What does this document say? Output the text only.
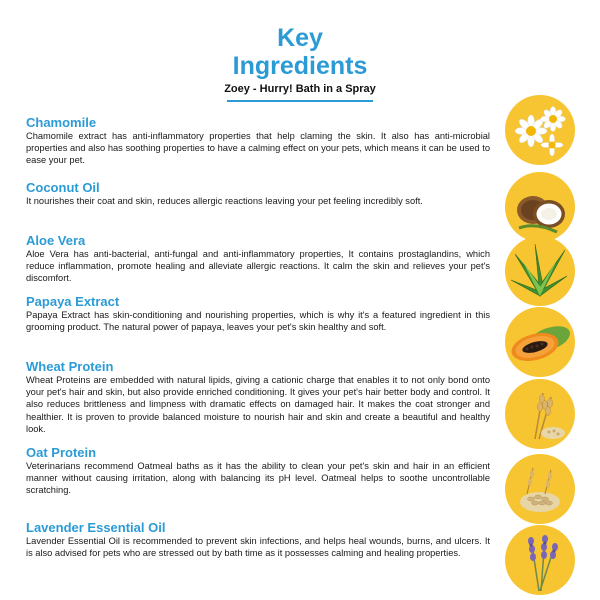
Key
Ingredients
Zoey - Hurry! Bath in a Spray
Chamomile
Chamomile extract has anti-inflammatory properties that help claming the skin. It also has anti-microbial properties and also has soothing properties to have a calming effect on your pets, which means it can be used to ease your pet.
Coconut Oil
It nourishes their coat and skin, reduces allergic reactions leaving your pet feeling incredibly soft.
Aloe Vera
Aloe Vera has anti-bacterial, anti-fungal and anti-inflammatory properties, It contains prostaglandins, which reduce inflammation, promote healing and alleviate allergic reactions. It calm the skin and relieves your pet's discomfort.
Papaya Extract
Papaya Extract has skin-conditioning and nourishing properties, which is why it's a featured ingredient in this grooming product. The natural power of papaya, leaves your pet's skin healthy and soft.
Wheat Protein
Wheat Proteins are embedded with natural lipids, giving a cationic charge that enables it to not only bond onto your pet's hair and skin, but also provide enriched conditioning. It gives your pet's hair better body and control. It also reduces brittleness and limpness with dramatic effects on damaged hair. It makes the coat stronger and healthier. It is proven to provide balanced moisture to nourish hair and skin and create a beautiful and healthy look.
Oat Protein
Veterinarians recommend Oatmeal baths as it has the ability to clean your pet's skin and hair in an efficient manner without causing irritation, along with balancing its pH level. Oatmeal helps to soothe uncontrollable scratching.
Lavender Essential Oil
Lavender Essential Oil is recommended to prevent skin infections, and helps heal wounds, burns, and ulcers. It is also advised for pets who are stressed out by bath time as it possesses calming and healing properties.
